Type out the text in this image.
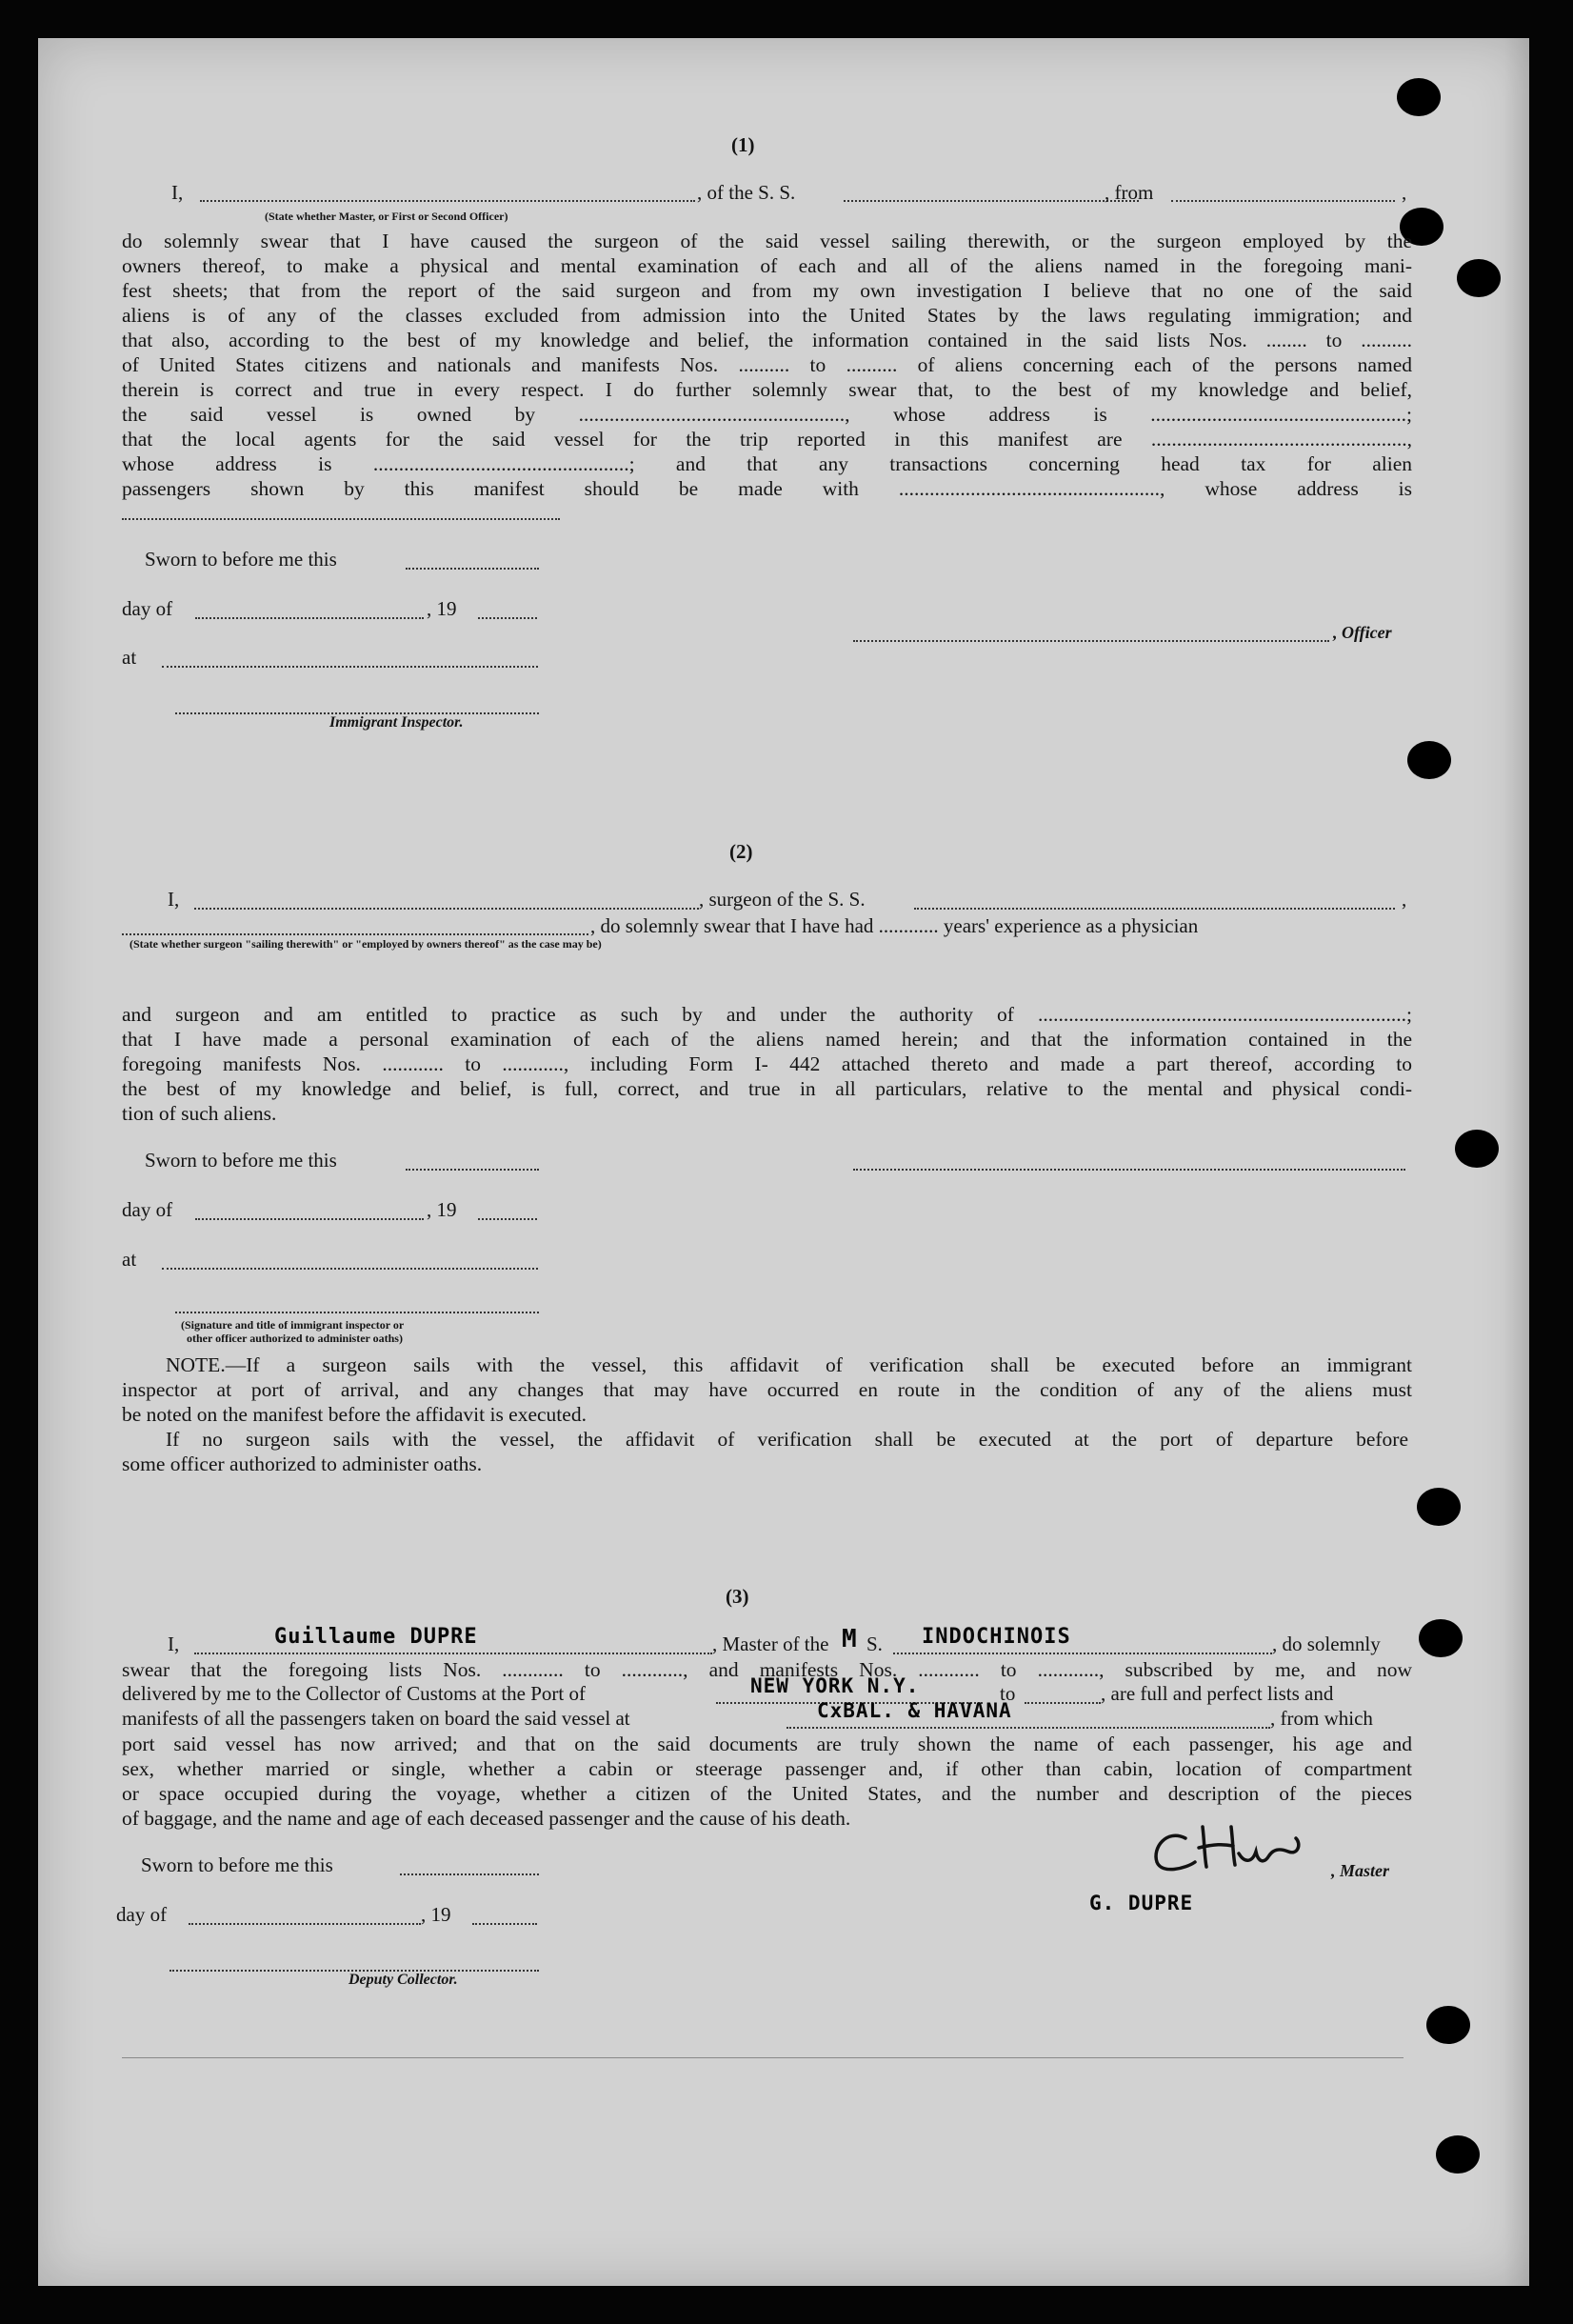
(1)
I,	, of the S. S.	, from	,
(State whether Master, or First or Second Officer)
do solemnly swear that I have caused the surgeon of the said vessel sailing therewith, or the surgeon employed by the
owners thereof, to make a physical and mental examination of each and all of the aliens named in the foregoing mani-
fest sheets; that from the report of the said surgeon and from my own investigation I believe that no one of the said
aliens is of any of the classes excluded from admission into the United States by the laws regulating immigration; and
that also, according to the best of my knowledge and belief, the information contained in the said lists Nos. ........ to ..........
of United States citizens and nationals and manifests Nos. .......... to .......... of aliens concerning each of the persons named
therein is correct and true in every respect. I do further solemnly swear that, to the best of my knowledge and belief,
the said vessel is owned by ...................................................., whose address is ..................................................;
that the local agents for the said vessel for the trip reported in this manifest are ..................................................,
whose address is ..................................................; and that any transactions concerning head tax for alien
passengers shown by this manifest should be made with ..................................................., whose address is
Sworn to before me this
day of	, 19
at
, Officer
Immigrant Inspector.
(2)
I,	, surgeon of the S. S.	,
, do solemnly swear that I have had ............ years' experience as a physician
(State whether surgeon "sailing therewith" or "employed by owners thereof" as the case may be)
and surgeon and am entitled to practice as such by and under the authority of ........................................................................;
that I have made a personal examination of each of the aliens named herein; and that the information contained in the
foregoing manifests Nos. ............ to ............, including Form I- 442 attached thereto and made a part thereof, according to
the best of my knowledge and belief, is full, correct, and true in all particulars, relative to the mental and physical condi-
tion of such aliens.
Sworn to before me this
day of	, 19
at
(Signature and title of immigrant inspector or
other officer authorized to administer oaths)
NOTE.—If a surgeon sails with the vessel, this affidavit of verification shall be executed before an immigrant
inspector at port of arrival, and any changes that may have occurred en route in the condition of any of the aliens must
be noted on the manifest before the affidavit is executed.
If no surgeon sails with the vessel, the affidavit of verification shall be executed at the port of departure before
some officer authorized to administer oaths.
(3)
I,	Guillaume DUPRE	, Master of the M S. INDOCHINOIS	, do solemnly
swear that the foregoing lists Nos. ............ to ............, and manifests Nos. ............ to ............, subscribed by me, and now
delivered by me to the Collector of Customs at the Port of	NEW YORK N.Y.	to	, are full and perfect lists and
manifests of all the passengers taken on board the said vessel at	CxBAL. & HAVANA	, from which
port said vessel has now arrived; and that on the said documents are truly shown the name of each passenger, his age and
sex, whether married or single, whether a cabin or steerage passenger and, if other than cabin, location of compartment
or space occupied during the voyage, whether a citizen of the United States, and the number and description of the pieces
of baggage, and the name and age of each deceased passenger and the cause of his death.
Sworn to before me this	, Master
day of	, 19	G. DUPRE
Deputy Collector.
